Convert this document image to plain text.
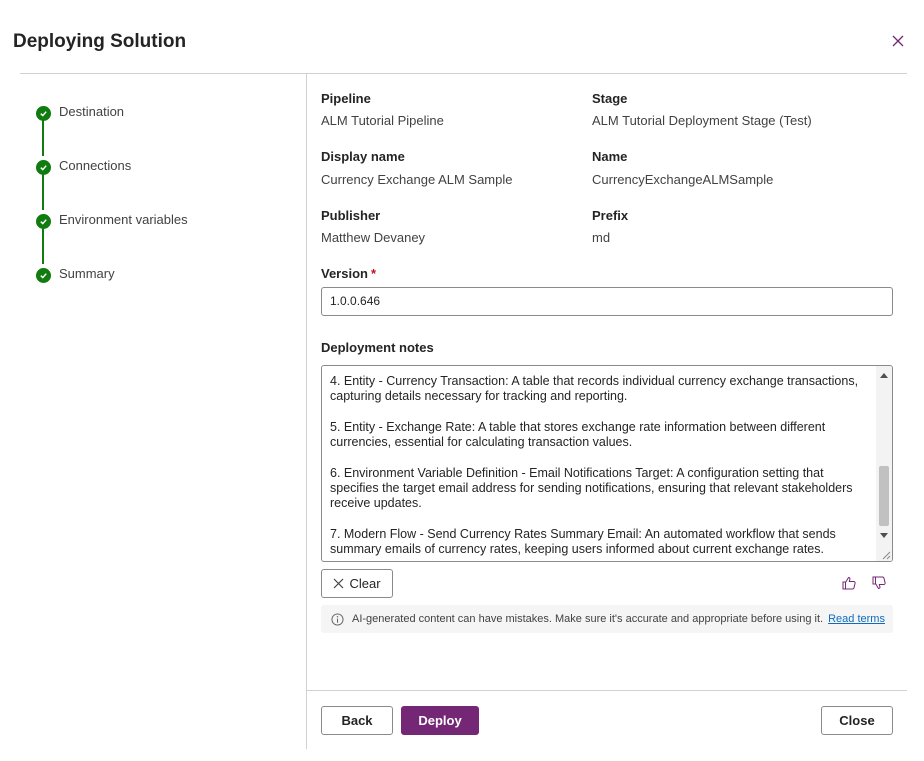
Deploying Solution
Destination
Connections
Environment variables
Summary
Pipeline
ALM Tutorial Pipeline
Stage
ALM Tutorial Deployment Stage (Test)
Display name
Currency Exchange ALM Sample
Name
CurrencyExchangeALMSample
Publisher
Matthew Devaney
Prefix
md
Version *
1.0.0.646
Deployment notes

4. Entity - Currency Transaction: A table that records individual currency exchange transactions, capturing details necessary for tracking and reporting.

5. Entity - Exchange Rate: A table that stores exchange rate information between different currencies, essential for calculating transaction values.

6. Environment Variable Definition - Email Notifications Target: A configuration setting that specifies the target email address for sending notifications, ensuring that relevant stakeholders receive updates.

7. Modern Flow - Send Currency Rates Summary Email: An automated workflow that sends summary emails of currency rates, keeping users informed about current exchange rates.

Clear
AI-generated content can have mistakes. Make sure it's accurate and appropriate before using it. Read terms
Back	Deploy	Close
